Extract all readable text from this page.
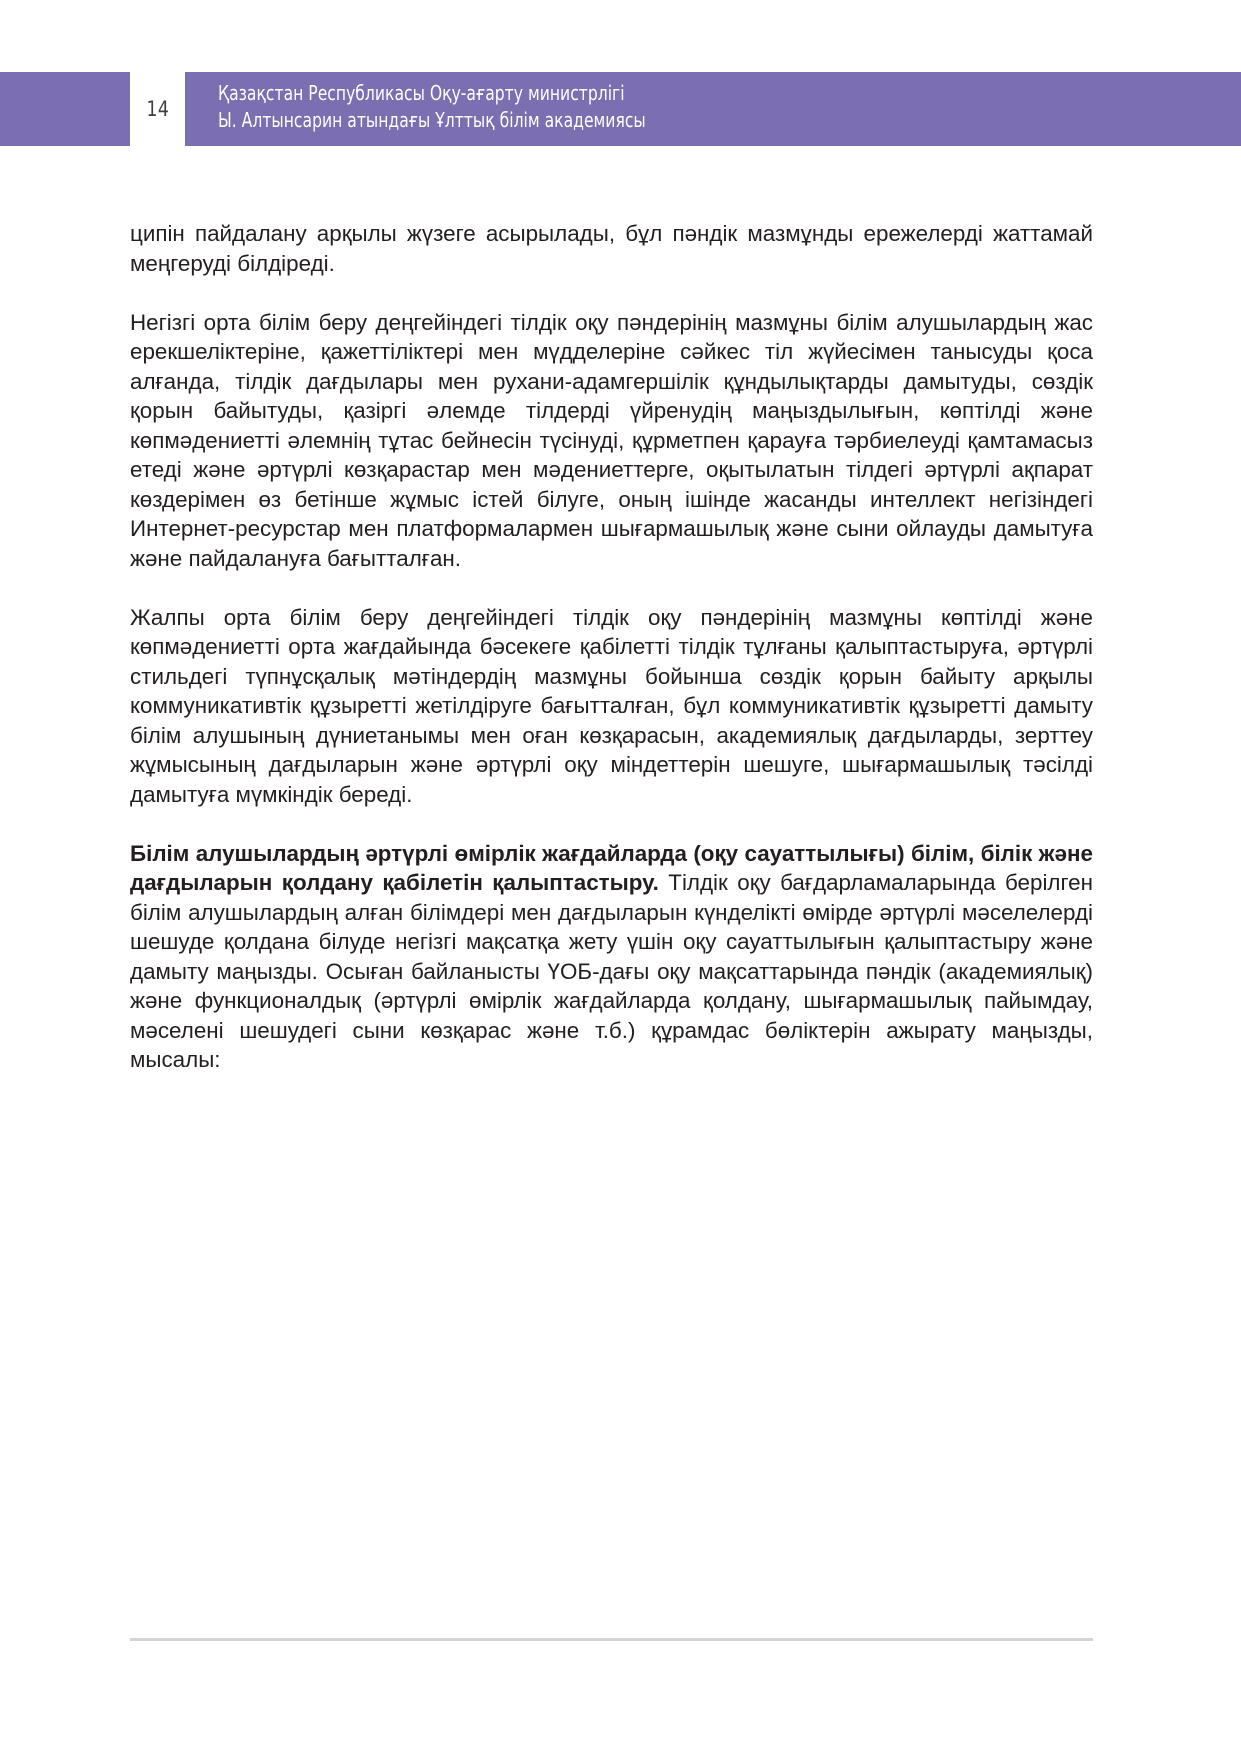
14
Қазақстан Республикасы Оқу-ағарту министрлігі
Ы. Алтынсарин атындағы Ұлттық білім академиясы

ципін пайдалану арқылы жүзеге асырылады, бұл пәндік мазмұнды ережелерді жаттамай меңгеруді білдіреді.

Негізгі орта білім беру деңгейіндегі тілдік оқу пәндерінің мазмұны білім алушылардың жас ерекшеліктеріне, қажеттіліктері мен мүдделеріне сәйкес тіл жүйесімен танысуды қоса алғанда, тілдік дағдылары мен рухани-адамгершілік құндылықтарды дамытуды, сөздік қорын байытуды, қазіргі әлемде тілдерді үйренудің маңыздылығын, көптілді және көпмәдениетті әлемнің тұтас бейнесін түсінуді, құрметпен қарауға тәрбиелеуді қамтамасыз етеді және әртүрлі көзқарастар мен мәдениеттерге, оқытылатын тілдегі әртүрлі ақпарат көздерімен өз бетінше жұмыс істей білуге, оның ішінде жасанды интеллект негізіндегі Интернет-ресурстар мен платформалармен шығармашылық және сыни ойлауды дамытуға және пайдалануға бағытталған.

Жалпы орта білім беру деңгейіндегі тілдік оқу пәндерінің мазмұны көптілді және көпмәдениетті орта жағдайында бәсекеге қабілетті тілдік тұлғаны қалыптастыруға, әртүрлі стильдегі түпнұсқалық мәтіндердің мазмұны бойынша сөздік қорын байыту арқылы коммуникативтік құзыретті жетілдіруге бағытталған, бұл коммуникативтік құзыретті дамыту білім алушының дүниетанымы мен оған көзқарасын, академиялық дағдыларды, зерттеу жұмысының дағдыларын және әртүрлі оқу міндеттерін шешуге, шығармашылық тәсілді дамытуға мүмкіндік береді.

Білім алушылардың әртүрлі өмірлік жағдайларда (оқу сауаттылығы) білім, білік және дағдыларын қолдану қабілетін қалыптастыру. Тілдік оқу бағдарламаларында берілген білім алушылардың алған білімдері мен дағдыларын күнделікті өмірде әртүрлі мәселелерді шешуде қолдана білуде негізгі мақсатқа жету үшін оқу сауаттылығын қалыптастыру және дамыту маңызды. Осыған байланысты ҮОБ-дағы оқу мақсаттарында пәндік (академиялық) және функционалдық (әртүрлі өмірлік жағдайларда қолдану, шығармашылық пайымдау, мәселені шешудегі сыни көзқарас және т.б.) құрамдас бөліктерін ажырату маңызды, мысалы:
